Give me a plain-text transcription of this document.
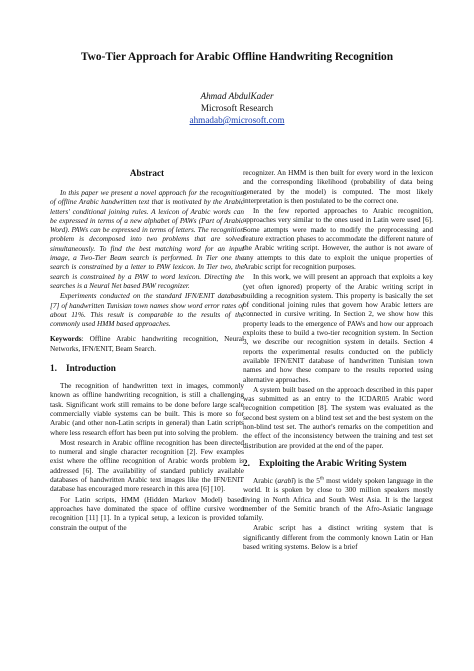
Two-Tier Approach for Arabic Offline Handwriting Recognition
Ahmad AbdulKader
Microsoft Research
ahmadab@microsoft.com
Abstract

In this paper we present a novel approach for the recognition of offline Arabic handwritten text that is motivated by the Arabic letters' conditional joining rules. A lexicon of Arabic words can be expressed in terms of a new alphabet of PAWs (Part of Arabic Word). PAWs can be expressed in terms of letters. The recognition problem is decomposed into two problems that are solved simultaneously. To find the best matching word for an input image, a Two-Tier Beam search is performed. In Tier one the search is constrained by a letter to PAW lexicon. In Tier two, the search is constrained by a PAW to word lexicon. Directing the searches is a Neural Net based PAW recognizer.

Experiments conducted on the standard IFN/ENIT database [7] of handwritten Tunisian town names show word error rates of about 11%. This result is comparable to the results of the commonly used HMM based approaches.

Keywords: Offline Arabic handwriting recognition, Neural Networks, IFN/ENIT, Beam Search.

1. Introduction

The recognition of handwritten text in images, commonly known as offline handwriting recognition, is still a challenging task. Significant work still remains to be done before large scale commercially viable systems can be built. This is more so for Arabic (and other non-Latin scripts in general) than Latin scripts where less research effort has been put into solving the problem.

Most research in Arabic offline recognition has been directed to numeral and single character recognition [2]. Few examples exist where the offline recognition of Arabic words problem is addressed [6]. The availability of standard publicly available databases of handwritten Arabic text images like the IFN/ENIT database has encouraged more research in this area [6] [10].

For Latin scripts, HMM (Hidden Markov Model) based approaches have dominated the space of offline cursive word recognition [11] [1]. In a typical setup, a lexicon is provided to constrain the output of the

recognizer. An HMM is then built for every word in the lexicon and the corresponding likelihood (probability of data being generated by the model) is computed. The most likely interpretation is then postulated to be the correct one.

In the few reported approaches to Arabic recognition, approaches very similar to the ones used in Latin were used [6]. Some attempts were made to modify the preprocessing and feature extraction phases to accommodate the different nature of the Arabic writing script. However, the author is not aware of any attempts to this date to exploit the unique properties of Arabic script for recognition purposes.

In this work, we will present an approach that exploits a key (yet often ignored) property of the Arabic writing script in building a recognition system. This property is basically the set of conditional joining rules that govern how Arabic letters are connected in cursive writing. In Section 2, we show how this property leads to the emergence of PAWs and how our approach exploits these to build a two-tier recognition system. In Section 3, we describe our recognition system in details. Section 4 reports the experimental results conducted on the publicly available IFN/ENIT database of handwritten Tunisian town names and how these compare to the results reported using alternative approaches.

A system built based on the approach described in this paper was submitted as an entry to the ICDAR05 Arabic word recognition competition [8]. The system was evaluated as the second best system on a blind test set and the best system on the non-blind test set. The author's remarks on the competition and the effect of the inconsistency between the training and test set distribution are provided at the end of the paper.

2. Exploiting the Arabic Writing System

Arabic (arabī) is the 5th most widely spoken language in the world. It is spoken by close to 300 million speakers mostly living in North Africa and South West Asia. It is the largest member of the Semitic branch of the Afro-Asiatic language family.

Arabic script has a distinct writing system that is significantly different from the commonly known Latin or Han based writing systems. Below is a brief
